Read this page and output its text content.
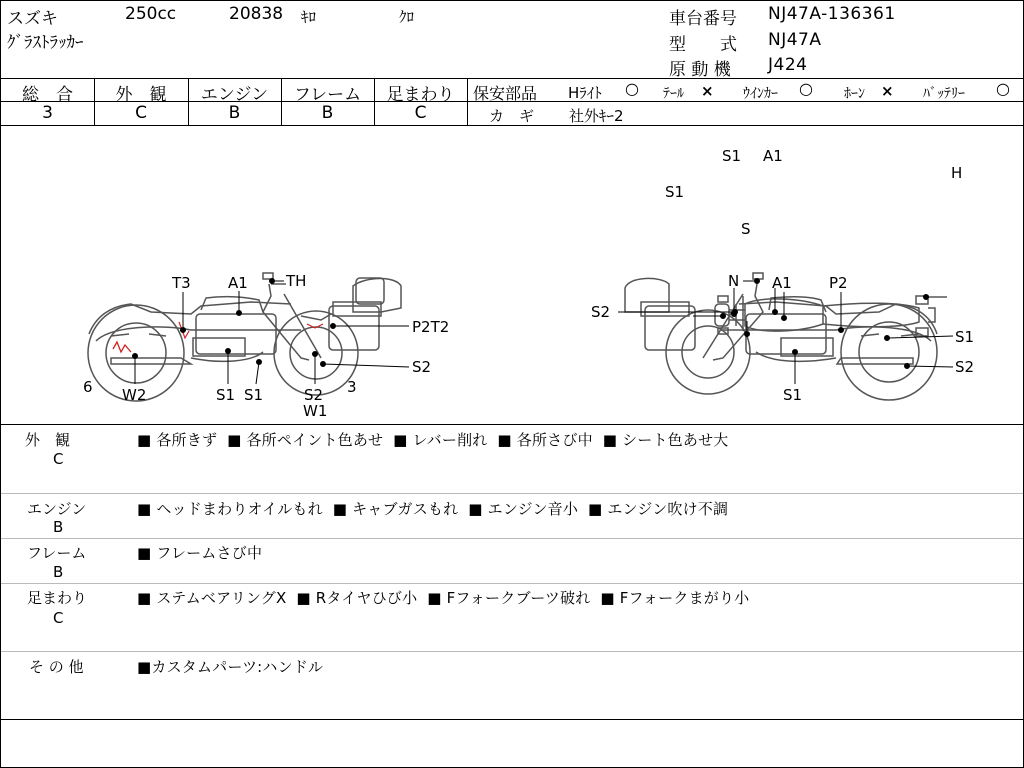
スズキ	250cc	20838 ｷﾛ	ｸﾛ
ｸﾞﾗｽﾄﾗｯｶｰ
車台番号 NJ47A-136361
型　　式 NJ47A
原 動 機 J424
総　合
3
外　観
C
エンジン
B
フレーム
B
足まわり
C
保安部品 Hﾗｲﾄ ○ ﾃｰﾙ × ｳｲﾝｶｰ ○ ﾎｰﾝ × ﾊﾞｯﾃﾘｰ ○
カ　ギ 社外ｷｰ2
S1 A1
S1
H
S
T3 A1	TH
P2T2
S2
6 W2	S1 S1	S2 3
W1
N A1 P2
S2
S1
S2
S1
外　観
C
■ 各所きず  ■ 各所ペイント色あせ  ■ レバー削れ  ■ 各所さび中  ■ シート色あせ大
エンジン
B
■ ヘッドまわりオイルもれ  ■ キャブガスもれ  ■ エンジン音小  ■ エンジン吹け不調
フレーム
B
■ フレームさび中
足まわり
C
■ ステムベアリングX  ■ Rタイヤひび小  ■ Fフォークブーツ破れ  ■ Fフォークまがり小
そ の 他	■カスタムパーツ:ハンドル
